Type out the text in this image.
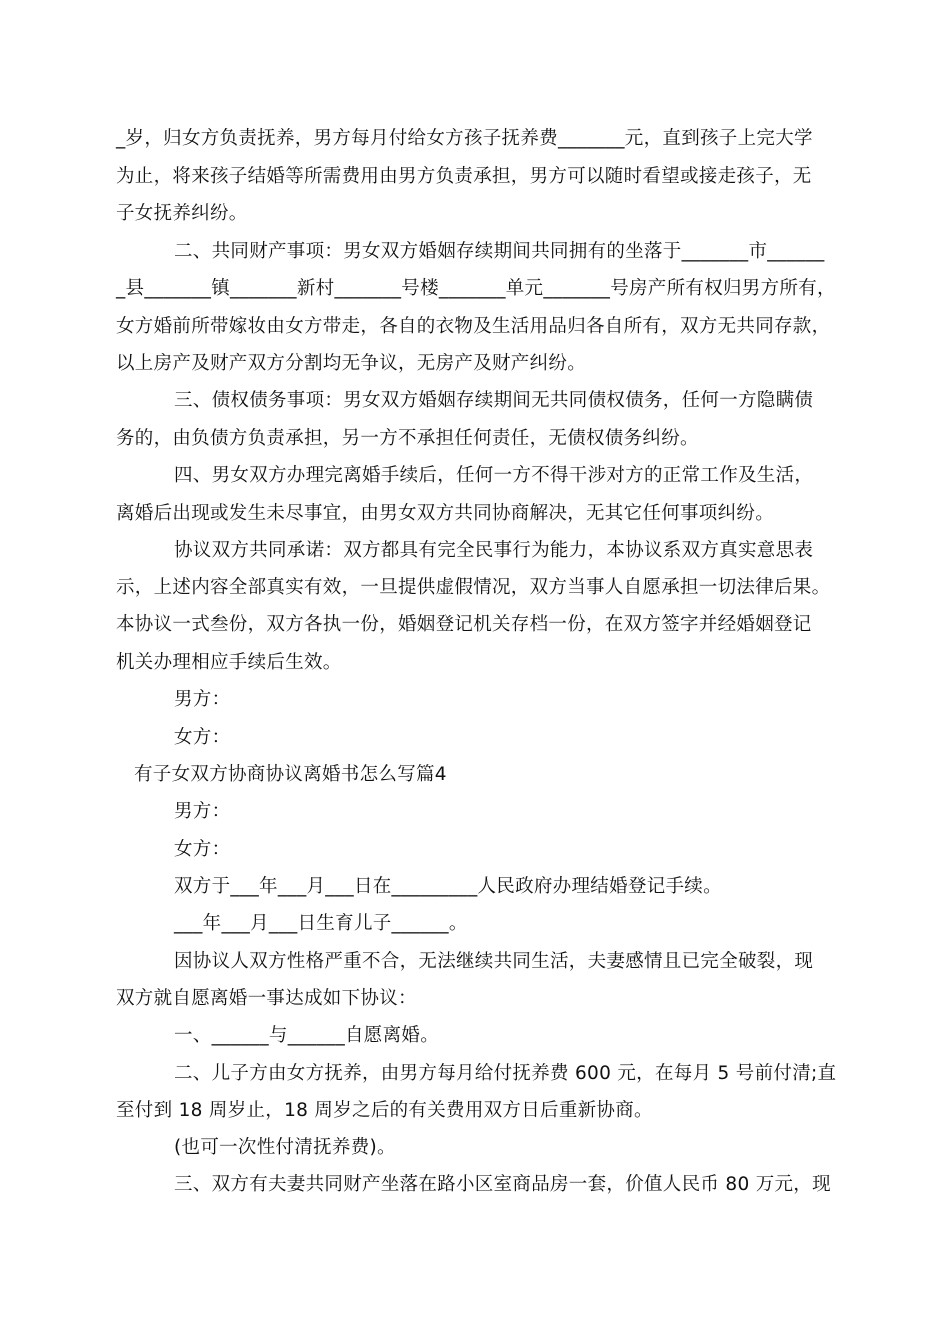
_岁，归女方负责抚养，男方每月付给女方孩子抚养费_______元，直到孩子上完大学
为止，将来孩子结婚等所需费用由男方负责承担，男方可以随时看望或接走孩子，无
子女抚养纠纷。
二、共同财产事项：男女双方婚姻存续期间共同拥有的坐落于_______市______
_县_______镇_______新村_______号楼_______单元_______号房产所有权归男方所有，
女方婚前所带嫁妆由女方带走，各自的衣物及生活用品归各自所有，双方无共同存款，
以上房产及财产双方分割均无争议，无房产及财产纠纷。
三、债权债务事项：男女双方婚姻存续期间无共同债权债务，任何一方隐瞒债
务的，由负债方负责承担，另一方不承担任何责任，无债权债务纠纷。
四、男女双方办理完离婚手续后，任何一方不得干涉对方的正常工作及生活，
离婚后出现或发生未尽事宜，由男女双方共同协商解决，无其它任何事项纠纷。
协议双方共同承诺：双方都具有完全民事行为能力，本协议系双方真实意思表
示，上述内容全部真实有效，一旦提供虚假情况，双方当事人自愿承担一切法律后果。
本协议一式叁份，双方各执一份，婚姻登记机关存档一份，在双方签字并经婚姻登记
机关办理相应手续后生效。
男方：
女方：
有子女双方协商协议离婚书怎么写篇4
男方：
女方：
双方于___年___月___日在_________人民政府办理结婚登记手续。
___年___月___日生育儿子______。
因协议人双方性格严重不合，无法继续共同生活，夫妻感情且已完全破裂，现
双方就自愿离婚一事达成如下协议：
一、______与______自愿离婚。
二、儿子方由女方抚养，由男方每月给付抚养费 600 元，在每月 5 号前付清;直
至付到 18 周岁止，18 周岁之后的有关费用双方日后重新协商。
(也可一次性付清抚养费)。
三、双方有夫妻共同财产坐落在路小区室商品房一套，价值人民币 80 万元，现
